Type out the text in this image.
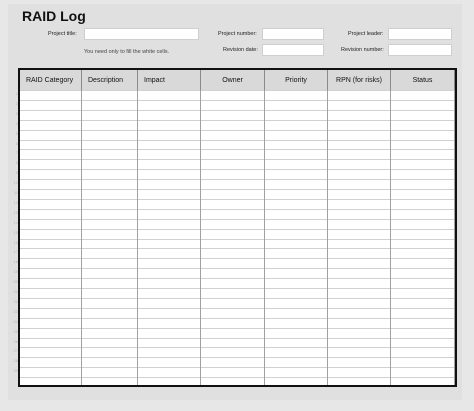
RAID Log
Project title:	Project number:	Project leader:
Revision date:	Revision number:
You need only to fill the white cells.
1
2
3
4
5
6
7
8
9
10
11
12
13
14
15
16
17
18
19
20
21
22
23
24
25
26
27
28
29
RAID Category	Description	Impact	Owner	Priority	RPN (for risks)	Status
